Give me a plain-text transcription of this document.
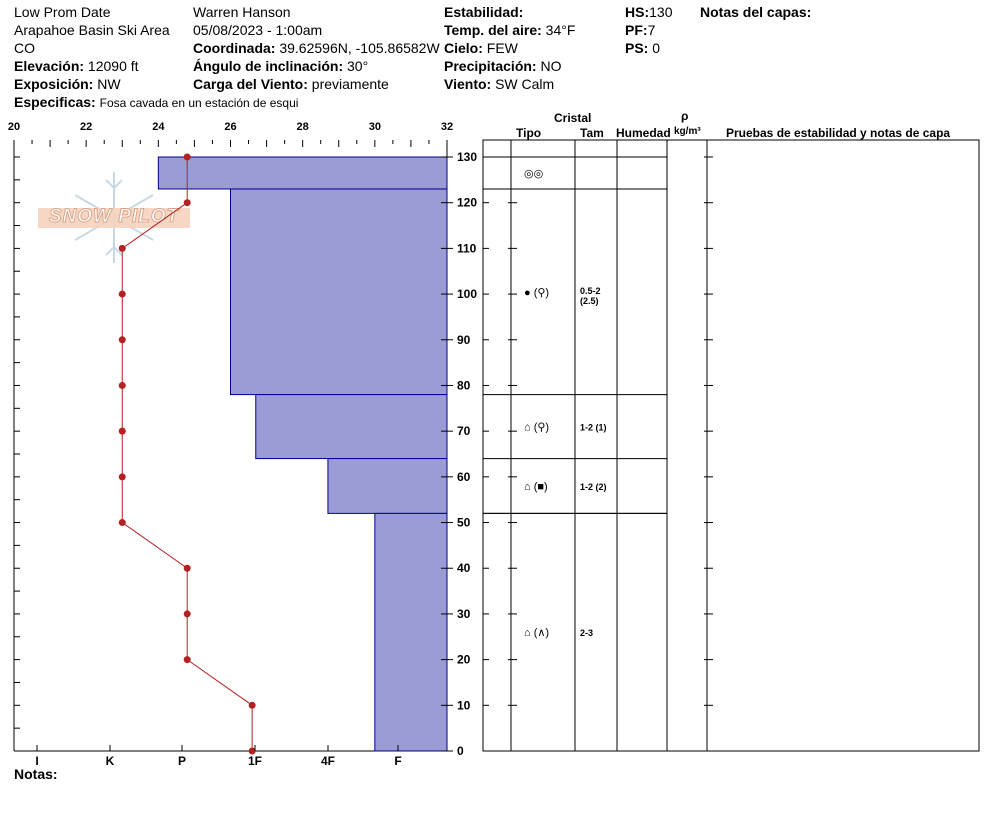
Low Prom Date
Arapahoe Basin Ski Area
CO
Elevación: 12090 ft
Exposición: NW
Especificas: Fosa cavada en un estación de esqui
Warren Hanson
05/08/2023 - 1:00am
Coordinada: 39.62596N, -105.86582W
Ángulo de inclinación: 30°
Carga del Viento: previamente
Estabilidad:
Temp. del aire: 34°F
Cielo: FEW
Precipitación: NO
Viento: SW Calm
HS:130
PF:7
PS: 0
Notas del capas:
Notas:
Cristal
Tipo	Tam Humedad
ρ
kg/m³ Pruebas de estabilidad y notas de capa
SNOW PILOT
20	22	24	26	28	30	32
0
10
20
30
40
50
60
70
80
90
100
110
120
130
I	K	P	1F	4F	F
◎◎
● (⚲)	0.5-2
(2.5)
⌂ (⚲)	1-2 (1)
⌂ (■)	1-2 (2)
⌂ (∧)	2-3
